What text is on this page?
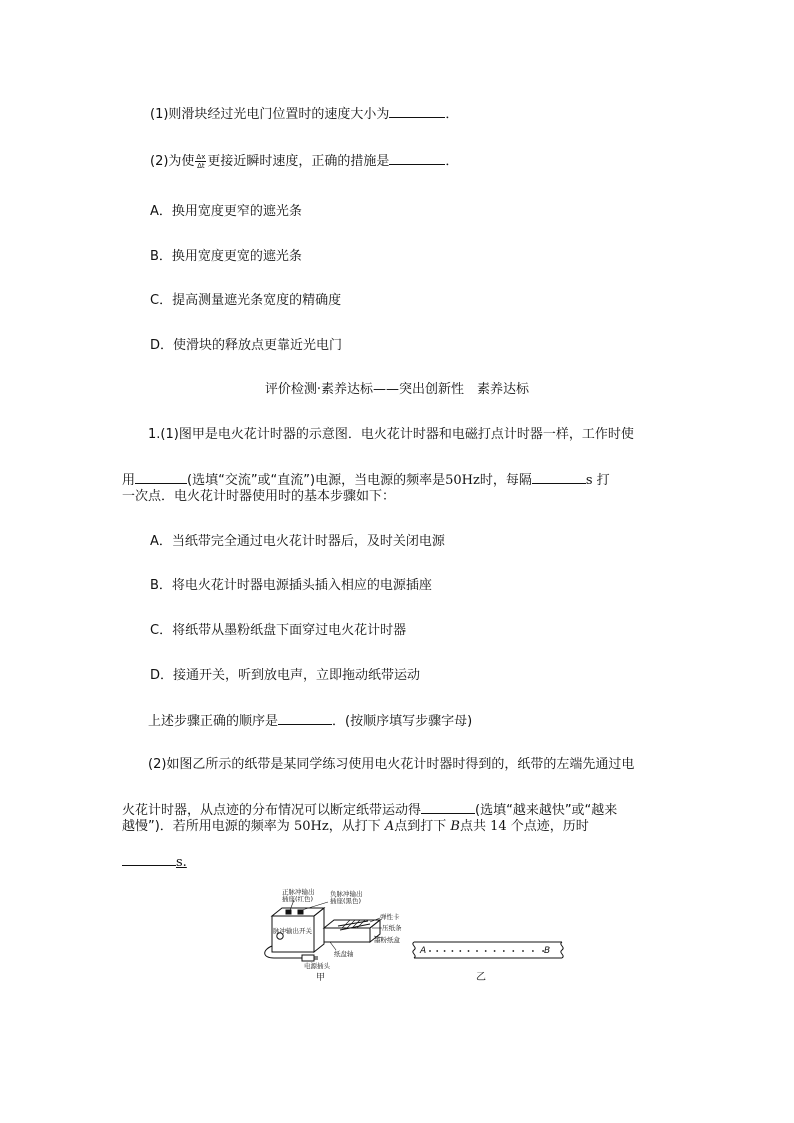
(1)则滑块经过光电门位置时的速度大小为	．
(2)为使 $\frac{\Delta x}{\Delta t}$ 更接近瞬时速度，正确的措施是	．
A．换用宽度更窄的遮光条
B．换用宽度更宽的遮光条
C．提高测量遮光条宽度的精确度
D．使滑块的释放点更靠近光电门
评价检测·素养达标——突出创新性　素养达标
1.(1)图甲是电火花计时器的示意图．电火花计时器和电磁打点计时器一样，工作时使
用	(选填“交流”或“直流”)电源，当电源的频率是50Hz时，每隔	s 打
一次点．电火花计时器使用时的基本步骤如下：
A．当纸带完全通过电火花计时器后，及时关闭电源
B．将电火花计时器电源插头插入相应的电源插座
C．将纸带从墨粉纸盘下面穿过电火花计时器
D．接通开关，听到放电声，立即拖动纸带运动
上述步骤正确的顺序是	．(按顺序填写步骤字母)
(2)如图乙所示的纸带是某同学练习使用电火花计时器时得到的，纸带的左端先通过电
火花计时器，从点迹的分布情况可以断定纸带运动得	(选填“越来越快”或“越来
越慢”)．若所用电源的频率为 50Hz，从打下 A点到打下 B点共 14 个点迹，历时
s.
正脉冲输出
插座(红色)
负脉冲输出
插座(黑色)
弹性卡
压纸条
墨粉纸盒
脉冲输出开关
纸盘轴
电源插头
甲
A	B
乙
